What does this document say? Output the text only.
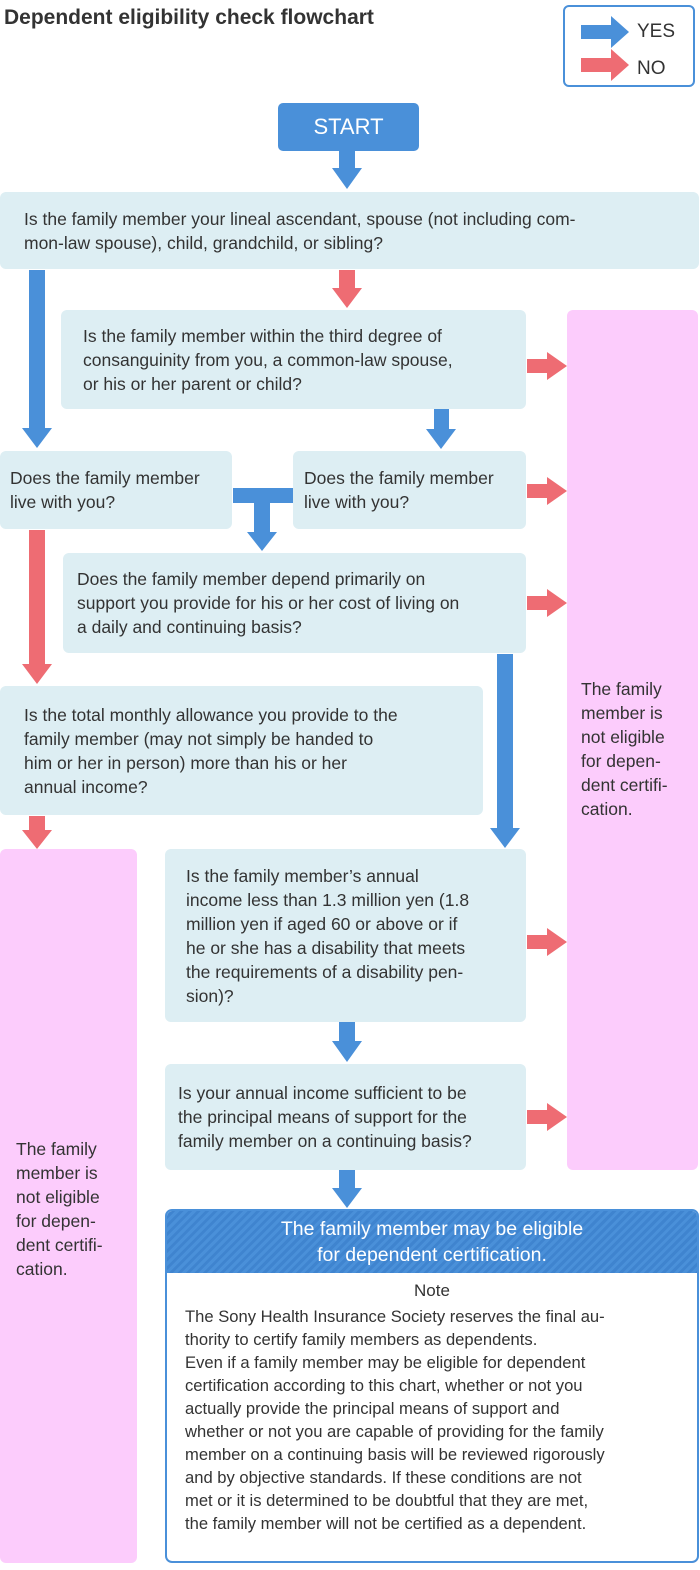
Dependent eligibility check flowchart
YES
NO
The family
member is
not eligible
for depen-
dent certifi-
cation.
The family
member is
not eligible
for depen-
dent certifi-
cation.
START
Is the family member your lineal ascendant, spouse (not including com-
mon-law spouse), child, grandchild, or sibling?
Is the family member within the third degree of
consanguinity from you, a common-law spouse,
or his or her parent or child?
Does the family member
live with you?
Does the family member
live with you?
Does the family member depend primarily on
support you provide for his or her cost of living on
a daily and continuing basis?
Is the total monthly allowance you provide to the
family member (may not simply be handed to
him or her in person) more than his or her
annual income?
Is the family member’s annual
income less than 1.3 million yen (1.8
million yen if aged 60 or above or if
he or she has a disability that meets
the requirements of a disability pen-
sion)?
Is your annual income sufficient to be
the principal means of support for the
family member on a continuing basis?
The family member may be eligible
for dependent certification.
Note
The Sony Health Insurance Society reserves the final au-
thority to certify family members as dependents.
Even if a family member may be eligible for dependent
certification according to this chart, whether or not you
actually provide the principal means of support and
whether or not you are capable of providing for the family
member on a continuing basis will be reviewed rigorously
and by objective standards. If these conditions are not
met or it is determined to be doubtful that they are met,
the family member will not be certified as a dependent.
